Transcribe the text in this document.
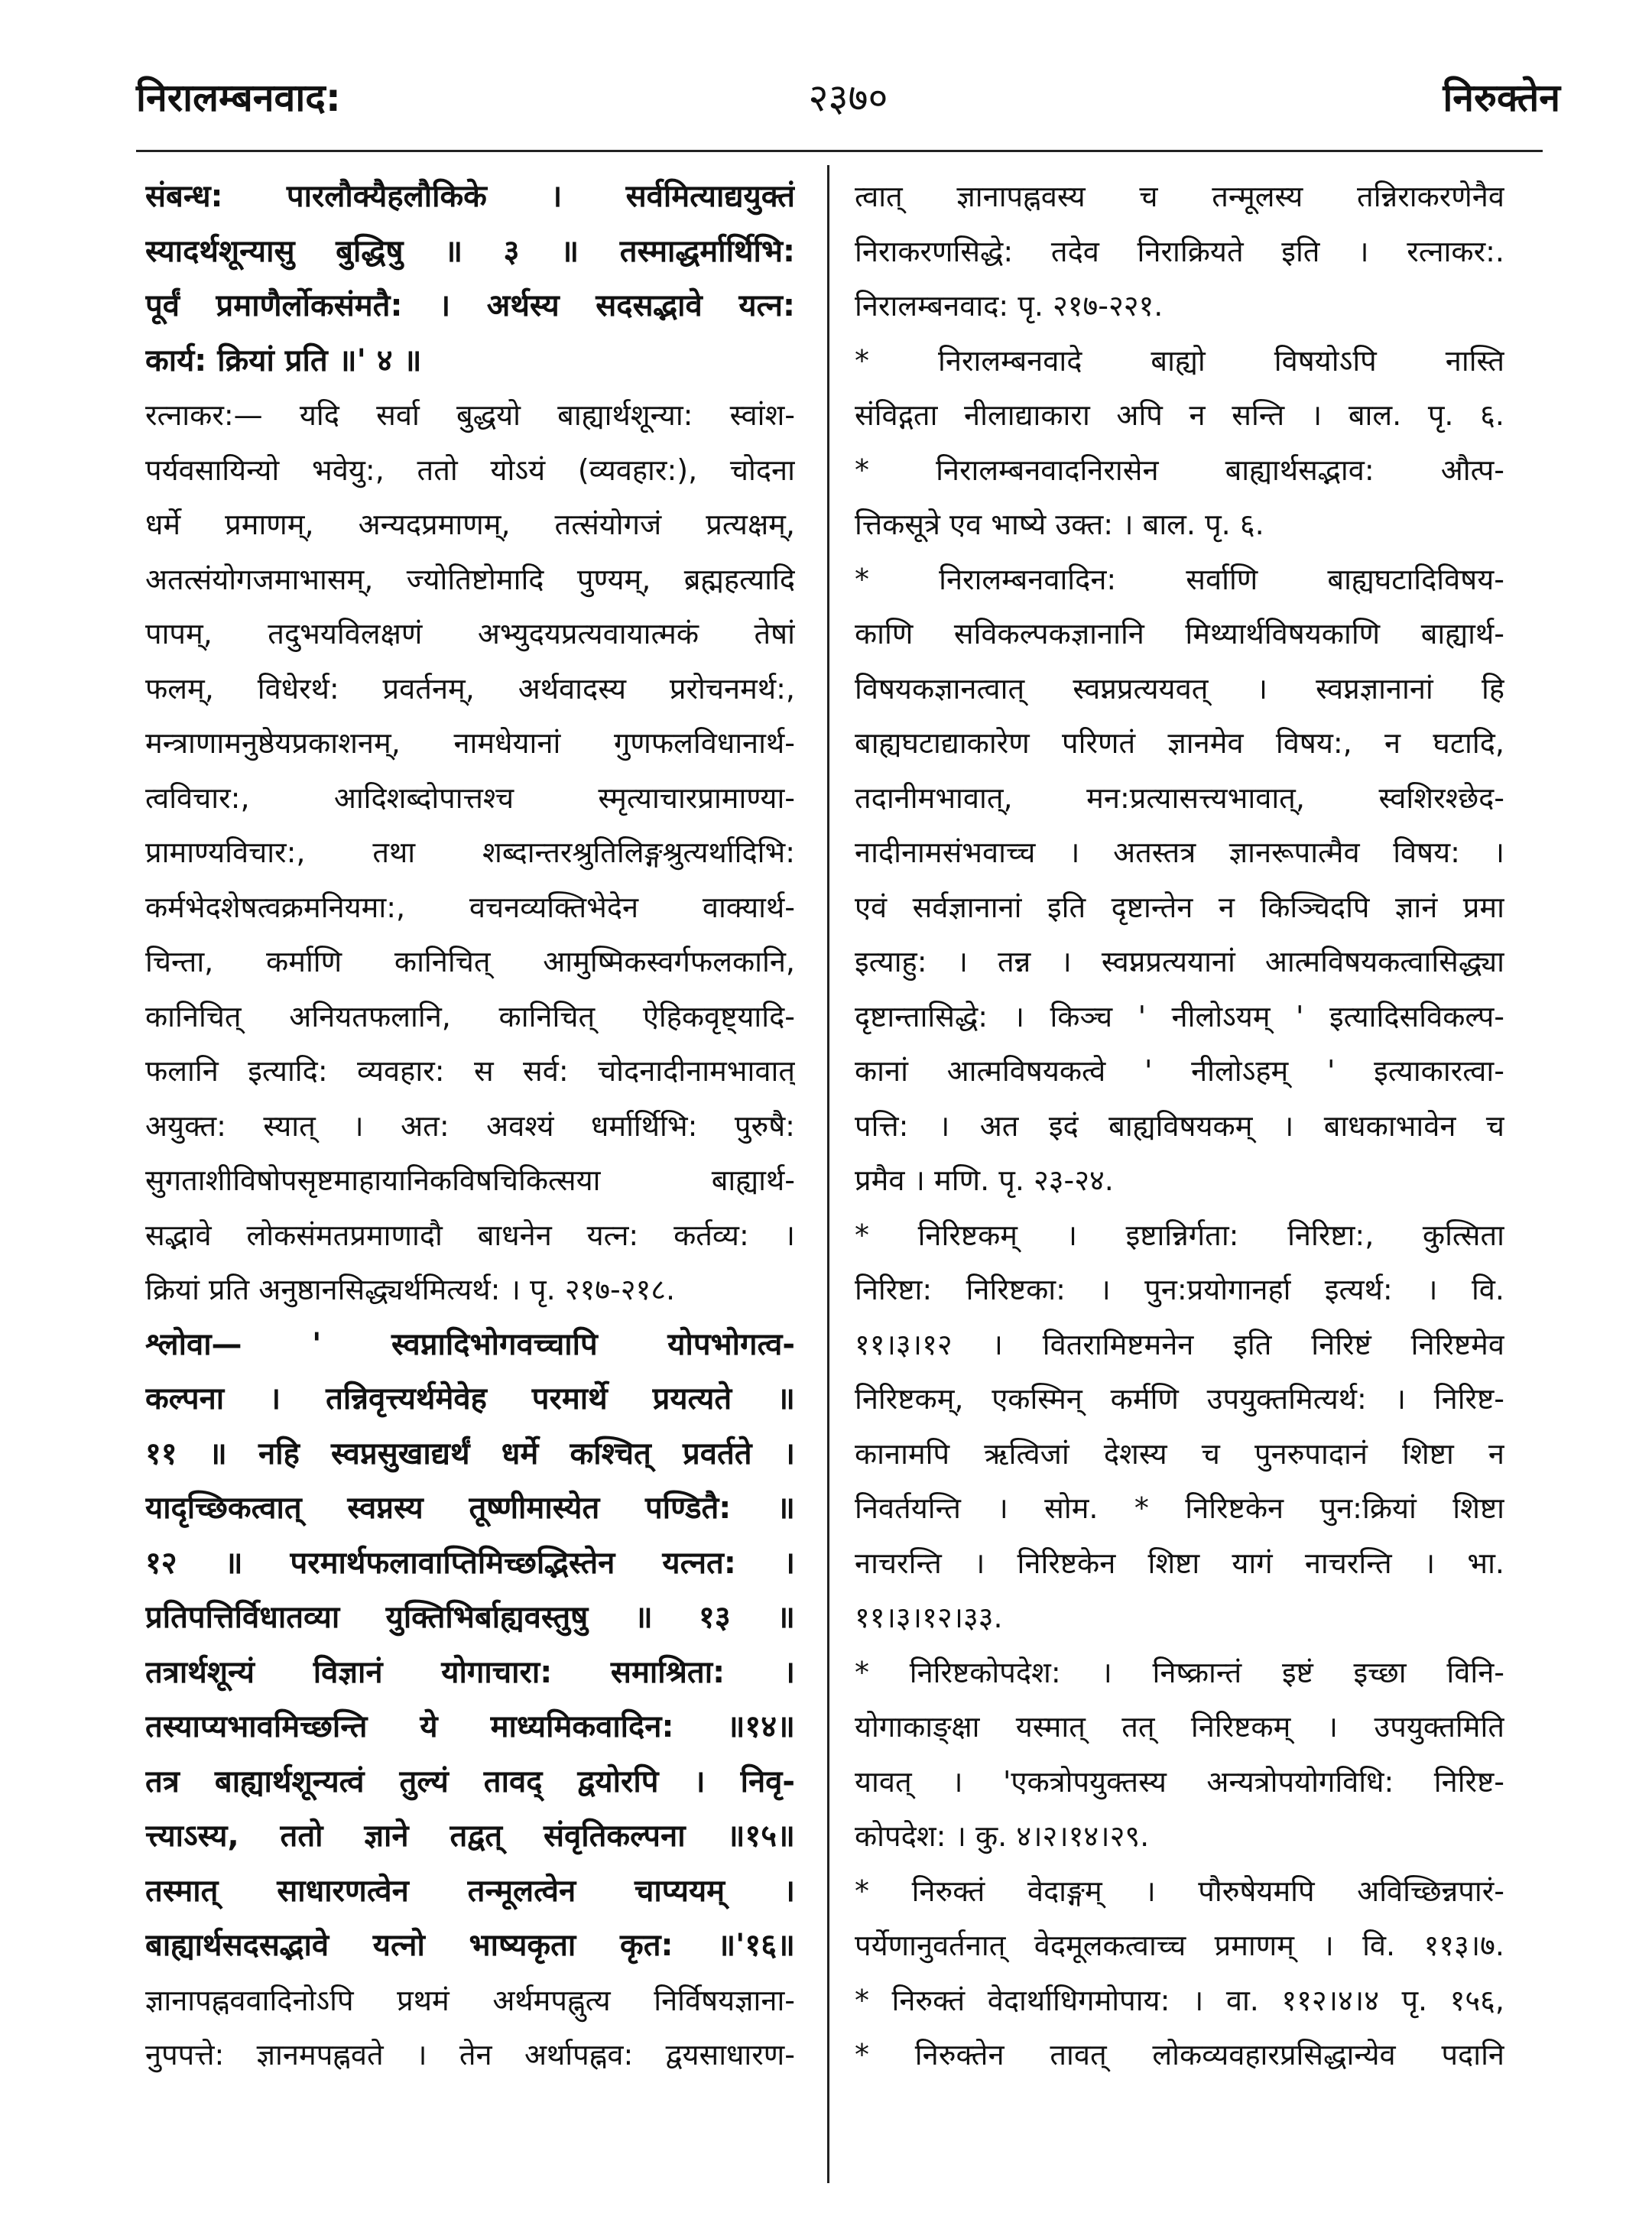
निरालम्बनवाद:	२३७०	निरुक्तेन
संबन्ध: पारलौक्यैहलौकिके । सर्वमित्याद्ययुक्तं
स्यादर्थशून्यासु बुद्धिषु ॥ ३ ॥ तस्माद्धर्मार्थिभि:
पूर्वं प्रमाणैर्लोकसंमतै: । अर्थस्य सदसद्भावे यत्न:
कार्य: क्रियां प्रति ॥' ४ ॥
रत्नाकर:— यदि सर्वा बुद्धयो बाह्यार्थशून्या: स्वांश-
पर्यवसायिन्यो भवेयु:, ततो योऽयं (व्यवहार:), चोदना
धर्मे प्रमाणम्, अन्यदप्रमाणम्, तत्संयोगजं प्रत्यक्षम्,
अतत्संयोगजमाभासम्, ज्योतिष्टोमादि पुण्यम्, ब्रह्महत्यादि
पापम्, तदुभयविलक्षणं अभ्युदयप्रत्यवायात्मकं तेषां
फलम्, विधेरर्थ: प्रवर्तनम्, अर्थवादस्य प्ररोचनमर्थ:,
मन्त्राणामनुष्ठेयप्रकाशनम्, नामधेयानां गुणफलविधानार्थ-
त्वविचार:, आदिशब्दोपात्तश्च स्मृत्याचारप्रामाण्या-
प्रामाण्यविचार:, तथा शब्दान्तरश्रुतिलिङ्गश्रुत्यर्थादिभि:
कर्मभेदशेषत्वक्रमनियमा:, वचनव्यक्तिभेदेन वाक्यार्थ-
चिन्ता, कर्माणि कानिचित् आमुष्मिकस्वर्गफलकानि,
कानिचित् अनियतफलानि, कानिचित् ऐहिकवृष्ट्यादि-
फलानि इत्यादि: व्यवहार: स सर्व: चोदनादीनामभावात्
अयुक्त: स्यात् । अत: अवश्यं धर्मार्थिभि: पुरुषै:
सुगताशीविषोपसृष्टमाहायानिकविषचिकित्सया बाह्यार्थ-
सद्भावे लोकसंमतप्रमाणादौ बाधनेन यत्न: कर्तव्य: ।
क्रियां प्रति अनुष्ठानसिद्ध्यर्थमित्यर्थ: । पृ. २१७-२१८.
श्लोवा— ' स्वप्नादिभोगवच्चापि योपभोगत्व-
कल्पना । तन्निवृत्त्यर्थमेवेह परमार्थे प्रयत्यते ॥
११ ॥ नहि स्वप्नसुखाद्यर्थं धर्मे कश्चित् प्रवर्तते ।
याद‍ृच्छिकत्वात् स्वप्नस्य तूष्णीमास्येत पण्डितै: ॥
१२ ॥ परमार्थफलावाप्तिमिच्छद्भिस्तेन यत्नत: ।
प्रतिपत्तिर्विधातव्या युक्तिभिर्बाह्यवस्तुषु ॥ १३ ॥
तत्रार्थशून्यं विज्ञानं योगाचारा: समाश्रिता: ।
तस्याप्यभावमिच्छन्ति ये माध्यमिकवादिन: ॥१४॥
तत्र बाह्यार्थशून्यत्वं तुल्यं तावद् द्वयोरपि । निवृ-
त्त्याऽस्य, ततो ज्ञाने तद्वत् संवृतिकल्पना ॥१५॥
तस्मात् साधारणत्वेन तन्मूलत्वेन चाप्ययम् ।
बाह्यार्थसदसद्भावे यत्नो भाष्यकृता कृत: ॥'१६॥
ज्ञानापह्नववादिनोऽपि प्रथमं अर्थमपह्नुत्य निर्विषयज्ञाना-
नुपपत्ते: ज्ञानमपह्नवते । तेन अर्थापह्नव: द्वयसाधारण-
त्वात् ज्ञानापह्नवस्य च तन्मूलस्य तन्निराकरणेनैव
निराकरणसिद्धे: तदेव निराक्रियते इति । रत्नाकर:.
निरालम्बनवाद: पृ. २१७-२२१.
* निरालम्बनवादे बाह्यो विषयोऽपि नास्ति
संविद्गता नीलाद्याकारा अपि न सन्ति । बाल. पृ. ६.
* निरालम्बनवादनिरासेन बाह्यार्थसद्भाव: औत्प-
त्तिकसूत्रे एव भाष्ये उक्त: । बाल. पृ. ६.
* निरालम्बनवादिन: सर्वाणि बाह्यघटादिविषय-
काणि सविकल्पकज्ञानानि मिथ्यार्थविषयकाणि बाह्यार्थ-
विषयकज्ञानत्वात् स्वप्नप्रत्ययवत् । स्वप्नज्ञानानां हि
बाह्यघटाद्याकारेण परिणतं ज्ञानमेव विषय:, न घटादि,
तदानीमभावात्, मन:प्रत्यासत्त्यभावात्, स्वशिरश्छेद-
नादीनामसंभवाच्च । अतस्तत्र ज्ञानरूपात्मैव विषय: ।
एवं सर्वज्ञानानां इति दृष्टान्तेन न किञ्चिदपि ज्ञानं प्रमा
इत्याहु: । तन्न । स्वप्नप्रत्ययानां आत्मविषयकत्वासिद्ध्या
दृष्टान्तासिद्धे: । किञ्च ' नीलोऽयम् ' इत्यादिसविकल्प-
कानां आत्मविषयकत्वे ' नीलोऽहम् ' इत्याकारत्वा-
पत्ति: । अत इदं बाह्यविषयकम् । बाधकाभावेन च
प्रमैव । मणि. पृ. २३-२४.
* निरिष्टकम् । इष्टान्निर्गता: निरिष्टा:, कुत्सिता
निरिष्टा: निरिष्टका: । पुन:प्रयोगानर्हा इत्यर्थ: । वि.
११।३।१२ । वितरामिष्टमनेन इति निरिष्टं निरिष्टमेव
निरिष्टकम्, एकस्मिन् कर्मणि उपयुक्तमित्यर्थ: । निरिष्ट-
कानामपि ऋत्विजां देशस्य च पुनरुपादानं शिष्टा न
निवर्तयन्ति । सोम. * निरिष्टकेन पुन:क्रियां शिष्टा
नाचरन्ति । निरिष्टकेन शिष्टा यागं नाचरन्ति । भा.
११।३।१२।३३.
* निरिष्टकोपदेश: । निष्क्रान्तं इष्टं इच्छा विनि-
योगाकाङ्क्षा यस्मात् तत् निरिष्टकम् । उपयुक्तमिति
यावत् । 'एकत्रोपयुक्तस्य अन्यत्रोपयोगविधि: निरिष्ट-
कोपदेश: । कु. ४।२।१४।२९.
* निरुक्तं वेदाङ्गम् । पौरुषेयमपि अविच्छिन्नपारं-
पर्येणानुवर्तनात् वेदमूलकत्वाच्च प्रमाणम् । वि. ११३।७.
* निरुक्तं वेदार्थाधिगमोपाय: । वा. ११२।४।४ पृ. १५६,
* निरुक्तेन तावत् लोकव्यवहारप्रसिद्धान्येव पदानि
